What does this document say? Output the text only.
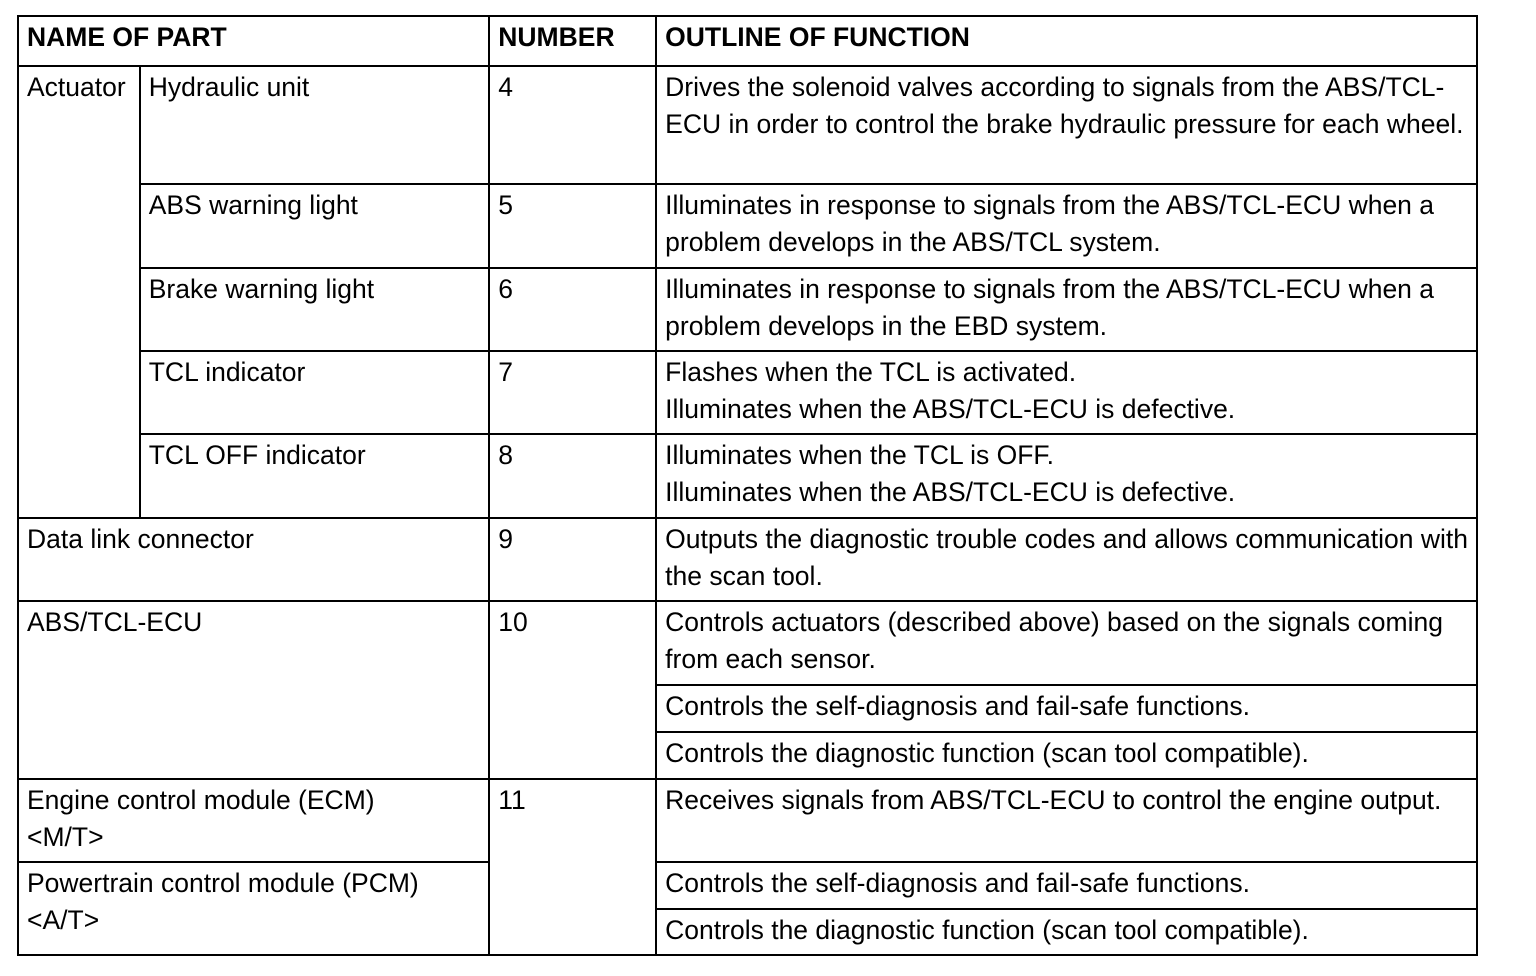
NAME OF PART		NUMBER	OUTLINE OF FUNCTION

Actuator	Hydraulic unit	4	Drives the solenoid valves according to signals from the ABS/TCL-ECU in order to control the brake hydraulic pressure for each wheel.

	ABS warning light	5	Illuminates in response to signals from the ABS/TCL-ECU when a problem develops in the ABS/TCL system.

	Brake warning light	6	Illuminates in response to signals from the ABS/TCL-ECU when a problem develops in the EBD system.

	TCL indicator	7	Flashes when the TCL is activated.
Illuminates when the ABS/TCL-ECU is defective.

	TCL OFF indicator	8	Illuminates when the TCL is OFF.
Illuminates when the ABS/TCL-ECU is defective.

Data link connector		9	Outputs the diagnostic trouble codes and allows communication with the scan tool.

ABS/TCL-ECU		10	Controls actuators (described above) based on the signals coming from each sensor.

			Controls the self-diagnosis and fail-safe functions.

			Controls the diagnostic function (scan tool compatible).

Engine control module (ECM)
<M/T>		11	Receives signals from ABS/TCL-ECU to control the engine output.

Powertrain control module (PCM)
<A/T>			Controls the self-diagnosis and fail-safe functions.

			Controls the diagnostic function (scan tool compatible).
